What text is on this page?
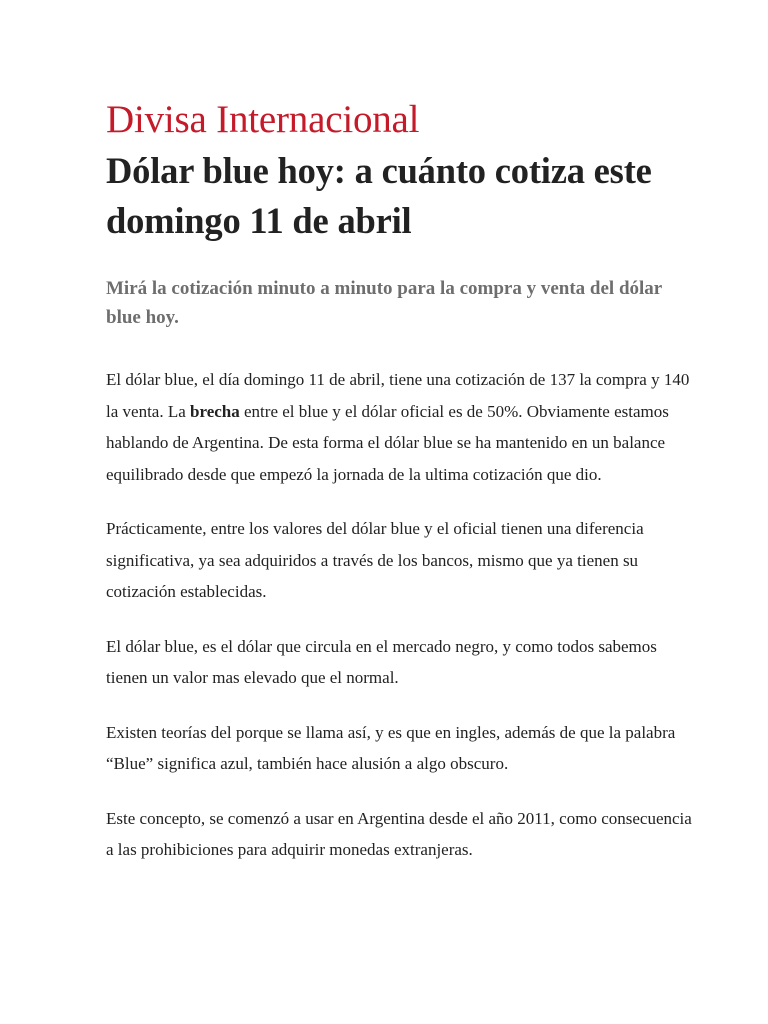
Divisa Internacional
Dólar blue hoy: a cuánto cotiza este domingo 11 de abril

Mirá la cotización minuto a minuto para la compra y venta del dólar blue hoy.

El dólar blue, el día domingo 11 de abril, tiene una cotización de 137 la compra y 140 la venta. La brecha entre el blue y el dólar oficial es de 50%. Obviamente estamos hablando de Argentina. De esta forma el dólar blue se ha mantenido en un balance equilibrado desde que empezó la jornada de la ultima cotización que dio.

Prácticamente, entre los valores del dólar blue y el oficial tienen una diferencia significativa, ya sea adquiridos a través de los bancos, mismo que ya tienen su cotización establecidas.

El dólar blue, es el dólar que circula en el mercado negro, y como todos sabemos tienen un valor mas elevado que el normal.

Existen teorías del porque se llama así, y es que en ingles, además de que la palabra “Blue” significa azul, también hace alusión a algo obscuro.

Este concepto, se comenzó a usar en Argentina desde el año 2011, como consecuencia a las prohibiciones para adquirir monedas extranjeras.
